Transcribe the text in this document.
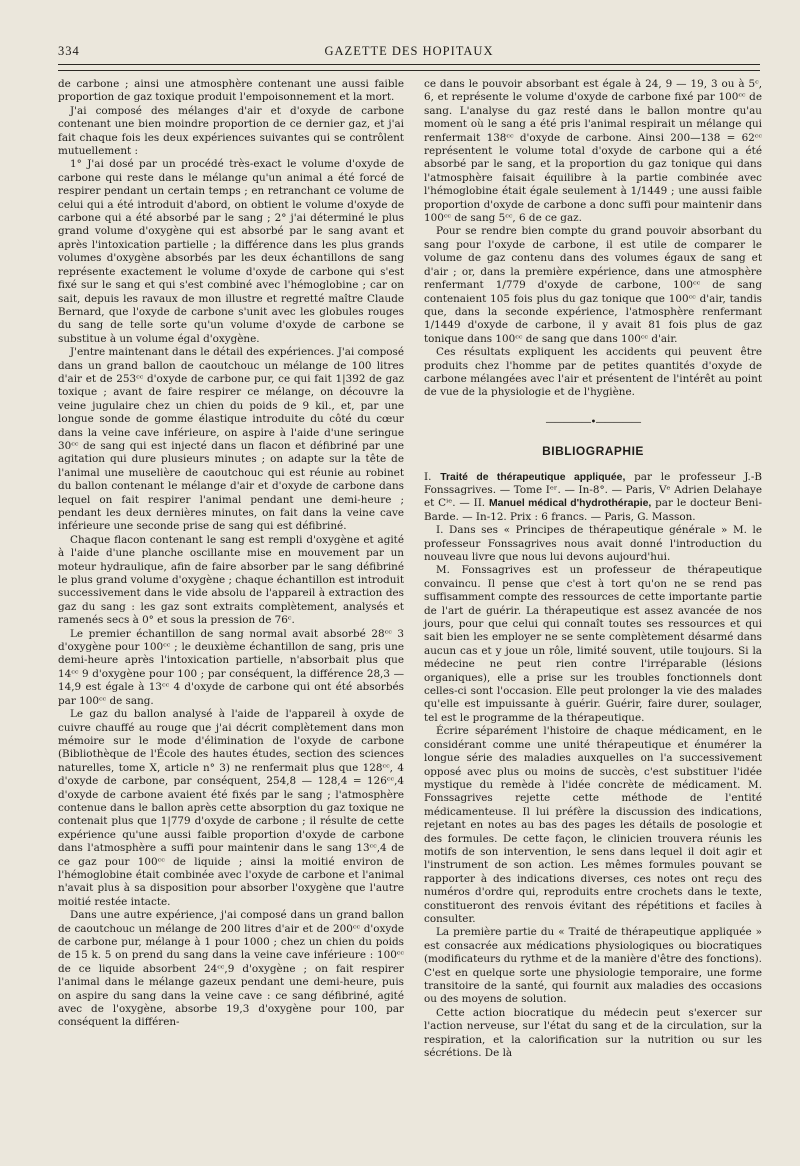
334	GAZETTE DES HOPITAUX

de carbone ; ainsi une atmosphère contenant une aussi faible proportion de gaz toxique produit l'empoisonnement et la mort.

J'ai composé des mélanges d'air et d'oxyde de carbone contenant une bien moindre proportion de ce dernier gaz, et j'ai fait chaque fois les deux expériences suivantes qui se contrôlent mutuellement :

1° J'ai dosé par un procédé très-exact le volume d'oxyde de carbone qui reste dans le mélange qu'un animal a été forcé de respirer pendant un certain temps ; en retranchant ce volume de celui qui a été introduit d'abord, on obtient le volume d'oxyde de carbone qui a été absorbé par le sang ; 2° j'ai déterminé le plus grand volume d'oxygène qui est absorbé par le sang avant et après l'intoxication partielle ; la différence dans les plus grands volumes d'oxygène absorbés par les deux échantillons de sang représente exactement le volume d'oxyde de carbone qui s'est fixé sur le sang et qui s'est combiné avec l'hémoglobine ; car on sait, depuis les ravaux de mon illustre et regretté maître Claude Bernard, que l'oxyde de carbone s'unit avec les globules rouges du sang de telle sorte qu'un volume d'oxyde de carbone se substitue à un volume égal d'oxygène.

J'entre maintenant dans le détail des expériences. J'ai composé dans un grand ballon de caoutchouc un mélange de 100 litres d'air et de 253ᶜᶜ d'oxyde de carbone pur, ce qui fait 1|392 de gaz toxique ; avant de faire respirer ce mélange, on découvre la veine jugulaire chez un chien du poids de 9 kil., et, par une longue sonde de gomme élastique introduite du côté du cœur dans la veine cave inférieure, on aspire à l'aide d'une seringue 30ᶜᶜ de sang qui est injecté dans un flacon et défibriné par une agitation qui dure plusieurs minutes ; on adapte sur la tête de l'animal une muselière de caoutchouc qui est réunie au robinet du ballon contenant le mélange d'air et d'oxyde de carbone dans lequel on fait respirer l'animal pendant une demi-heure ; pendant les deux dernières minutes, on fait dans la veine cave inférieure une seconde prise de sang qui est défibriné.

Chaque flacon contenant le sang est rempli d'oxygène et agité à l'aide d'une planche oscillante mise en mouvement par un moteur hydraulique, afin de faire absorber par le sang défibriné le plus grand volume d'oxygène ; chaque échantillon est introduit successivement dans le vide absolu de l'appareil à extraction des gaz du sang : les gaz sont extraits complètement, analysés et ramenés secs à 0° et sous la pression de 76ᶜ.

Le premier échantillon de sang normal avait absorbé 28ᶜᶜ 3 d'oxygène pour 100ᶜᶜ ; le deuxième échantillon de sang, pris une demi-heure après l'intoxication partielle, n'absorbait plus que 14ᶜᶜ 9 d'oxygène pour 100 ; par conséquent, la différence 28,3 — 14,9 est égale à 13ᶜᶜ 4 d'oxyde de carbone qui ont été absorbés par 100ᶜᶜ de sang.

Le gaz du ballon analysé à l'aide de l'appareil à oxyde de cuivre chauffé au rouge que j'ai décrit complètement dans mon mémoire sur le mode d'élimination de l'oxyde de carbone (Bibliothèque de l'École des hautes études, section des sciences naturelles, tome X, article n° 3) ne renfermait plus que 128ᶜᶜ, 4 d'oxyde de carbone, par conséquent, 254,8 — 128,4 = 126ᶜᶜ,4 d'oxyde de carbone avaient été fixés par le sang ; l'atmosphère contenue dans le ballon après cette absorption du gaz toxique ne contenait plus que 1|779 d'oxyde de carbone ; il résulte de cette expérience qu'une aussi faible proportion d'oxyde de carbone dans l'atmosphère a suffi pour maintenir dans le sang 13ᶜᶜ,4 de ce gaz pour 100ᶜᶜ de liquide ; ainsi la moitié environ de l'hémoglobine était combinée avec l'oxyde de carbone et l'animal n'avait plus à sa disposition pour absorber l'oxygène que l'autre moitié restée intacte.

Dans une autre expérience, j'ai composé dans un grand ballon de caoutchouc un mélange de 200 litres d'air et de 200ᶜᶜ d'oxyde de carbone pur, mélange à 1 pour 1000 ; chez un chien du poids de 15 k. 5 on prend du sang dans la veine cave inférieure : 100ᶜᶜ de ce liquide absorbent 24ᶜᶜ,9 d'oxygène ; on fait respirer l'animal dans le mélange gazeux pendant une demi-heure, puis on aspire du sang dans la veine cave : ce sang défibriné, agité avec de l'oxygène, absorbe 19,3 d'oxygène pour 100, par conséquent la différen-

ce dans le pouvoir absorbant est égale à 24, 9 — 19, 3 ou à 5ᶜ, 6, et représente le volume d'oxyde de carbone fixé par 100ᶜᶜ de sang. L'analyse du gaz resté dans le ballon montre qu'au moment où le sang a été pris l'animal respirait un mélange qui renfermait 138ᶜᶜ d'oxyde de carbone. Ainsi 200—138 = 62ᶜᶜ représentent le volume total d'oxyde de carbone qui a été absorbé par le sang, et la proportion du gaz tonique qui dans l'atmosphère faisait équilibre à la partie combinée avec l'hémoglobine était égale seulement à 1/1449 ; une aussi faible proportion d'oxyde de carbone a donc suffi pour maintenir dans 100ᶜᶜ de sang 5ᶜᶜ, 6 de ce gaz.

Pour se rendre bien compte du grand pouvoir absorbant du sang pour l'oxyde de carbone, il est utile de comparer le volume de gaz contenu dans des volumes égaux de sang et d'air ; or, dans la première expérience, dans une atmosphère renfermant 1/779 d'oxyde de carbone, 100ᶜᶜ de sang contenaient 105 fois plus du gaz tonique que 100ᶜᶜ d'air, tandis que, dans la seconde expérience, l'atmosphère renfermant 1/1449 d'oxyde de carbone, il y avait 81 fois plus de gaz tonique dans 100ᶜᶜ de sang que dans 100ᶜᶜ d'air.

Ces résultats expliquent les accidents qui peuvent être produits chez l'homme par de petites quantités d'oxyde de carbone mélangées avec l'air et présentent de l'intérêt au point de vue de la physiologie et de l'hygiène.

—————•—————
BIBLIOGRAPHIE

I. Traité de thérapeutique appliquée, par le professeur J.-B Fonssagrives. — Tome Iᵉʳ. — In-8°. — Paris, Vᵉ Adrien Delahaye et Cⁱᵉ. — II. Manuel médical d'hydrothérapie, par le docteur Beni-Barde. — In-12. Prix : 6 francs. — Paris, G. Masson.

I. Dans ses « Principes de thérapeutique générale » M. le professeur Fonssagrives nous avait donné l'introduction du nouveau livre que nous lui devons aujourd'hui.

M. Fonssagrives est un professeur de thérapeutique convaincu. Il pense que c'est à tort qu'on ne se rend pas suffisamment compte des ressources de cette importante partie de l'art de guérir. La thérapeutique est assez avancée de nos jours, pour que celui qui connaît toutes ses ressources et qui sait bien les employer ne se sente complètement désarmé dans aucun cas et y joue un rôle, limité souvent, utile toujours. Si la médecine ne peut rien contre l'irréparable (lésions organiques), elle a prise sur les troubles fonctionnels dont celles-ci sont l'occasion. Elle peut prolonger la vie des malades qu'elle est impuissante à guérir. Guérir, faire durer, soulager, tel est le programme de la thérapeutique.

Écrire séparément l'histoire de chaque médicament, en le considérant comme une unité thérapeutique et énumérer la longue série des maladies auxquelles on l'a successivement opposé avec plus ou moins de succès, c'est substituer l'idée mystique du remède à l'idée concrète de médicament. M. Fonssagrives rejette cette méthode de l'entité médicamenteuse. Il lui préfère la discussion des indications, rejetant en notes au bas des pages les détails de posologie et des formules. De cette façon, le clinicien trouvera réunis les motifs de son intervention, le sens dans lequel il doit agir et l'instrument de son action. Les mêmes formules pouvant se rapporter à des indications diverses, ces notes ont reçu des numéros d'ordre qui, reproduits entre crochets dans le texte, constitueront des renvois évitant des répétitions et faciles à consulter.

La première partie du « Traité de thérapeutique appliquée » est consacrée aux médications physiologiques ou biocratiques (modificateurs du rythme et de la manière d'être des fonctions). C'est en quelque sorte une physiologie temporaire, une forme transitoire de la santé, qui fournit aux maladies des occasions ou des moyens de solution.

Cette action biocratique du médecin peut s'exercer sur l'action nerveuse, sur l'état du sang et de la circulation, sur la respiration, et la calorification sur la nutrition ou sur les sécrétions. De là
